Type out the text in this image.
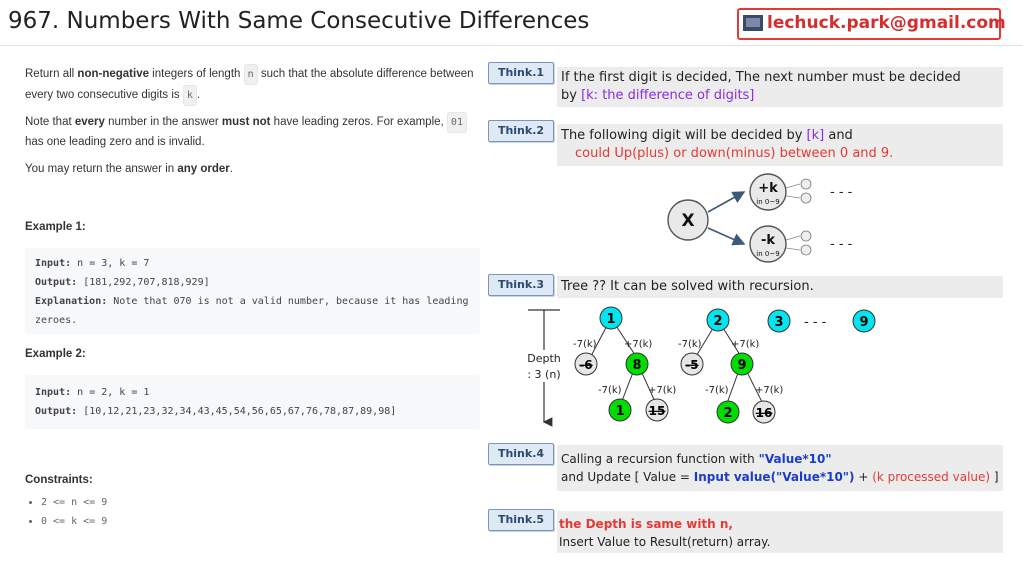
967. Numbers With Same Consecutive Differences	lechuck.park@gmail.com
Return all non-negative integers of length n such that the absolute difference between every two consecutive digits is k .
Note that every number in the answer must not have leading zeros. For example, 01 has one leading zero and is invalid.
You may return the answer in any order.
Example 1:
Input: n = 3, k = 7
Output: [181,292,707,818,929]
Explanation: Note that 070 is not a valid number, because it has leading
zeroes.
Example 2:
Input: n = 2, k = 1
Output: [10,12,21,23,32,34,43,45,54,56,65,67,76,78,87,89,98]
Constraints:
• 2 <= n <= 9
• 0 <= k <= 9
Think.1	If the first digit is decided, The next number must be decided
by [k: the difference of digits]
Think.2	The following digit will be decided by [k] and
could Up(plus) or down(minus) between 0 and 9.
X
+k
in 0~9
-k
in 0~9
- - -
- - -
Think.3	Tree ?? It can be solved with recursion.
Depth
: 3 (n)
-7(k)	+7(k)
-7(k)	+7(k)
1
-6	8
1 15
-7(k)	+7(k)
-7(k)	+7(k)
2
-5	9
2 16
3 - - -	9
Think.4	Calling a recursion function with "Value*10"
and Update [ Value = Input value("Value*10") + (k processed value) ]
Think.5	the Depth is same with n,
Insert Value to Result(return) array.
